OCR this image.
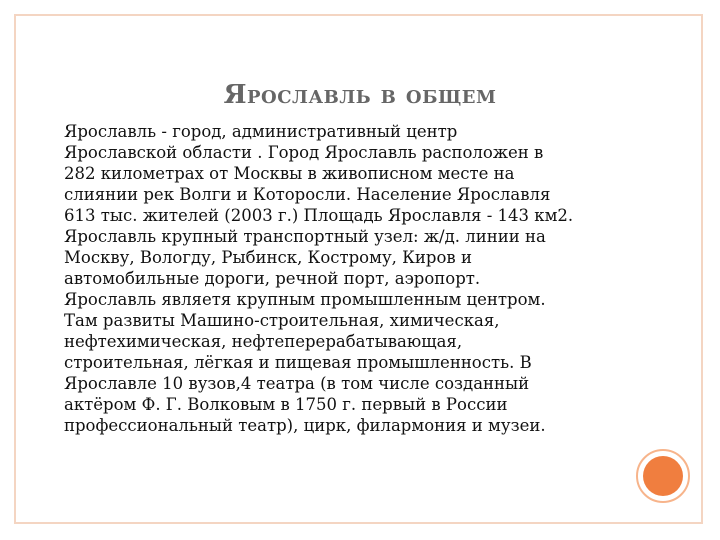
Ярославль в общем

Ярославль - город, административный центр
Ярославской области . Город Ярославль расположен в
282 километрах от Москвы в живописном месте на
слиянии рек Волги и Которосли. Население Ярославля
613 тыс. жителей (2003 г.) Площадь Ярославля - 143 км2.
Ярославль крупный транспортный узел: ж/д. линии на
Москву, Вологду, Рыбинск, Кострому, Киров и
автомобильные дороги, речной порт, аэропорт.
Ярославль являетя крупным промышленным центром.
Там развиты Машино-строительная, химическая,
нефтехимическая, нефтеперерабатывающая,
строительная, лёгкая и пищевая промышленность. В
Ярославле 10 вузов,4 театра (в том числе созданный
актёром Ф. Г. Волковым в 1750 г. первый в России
профессиональный театр), цирк, филармония и музеи.
